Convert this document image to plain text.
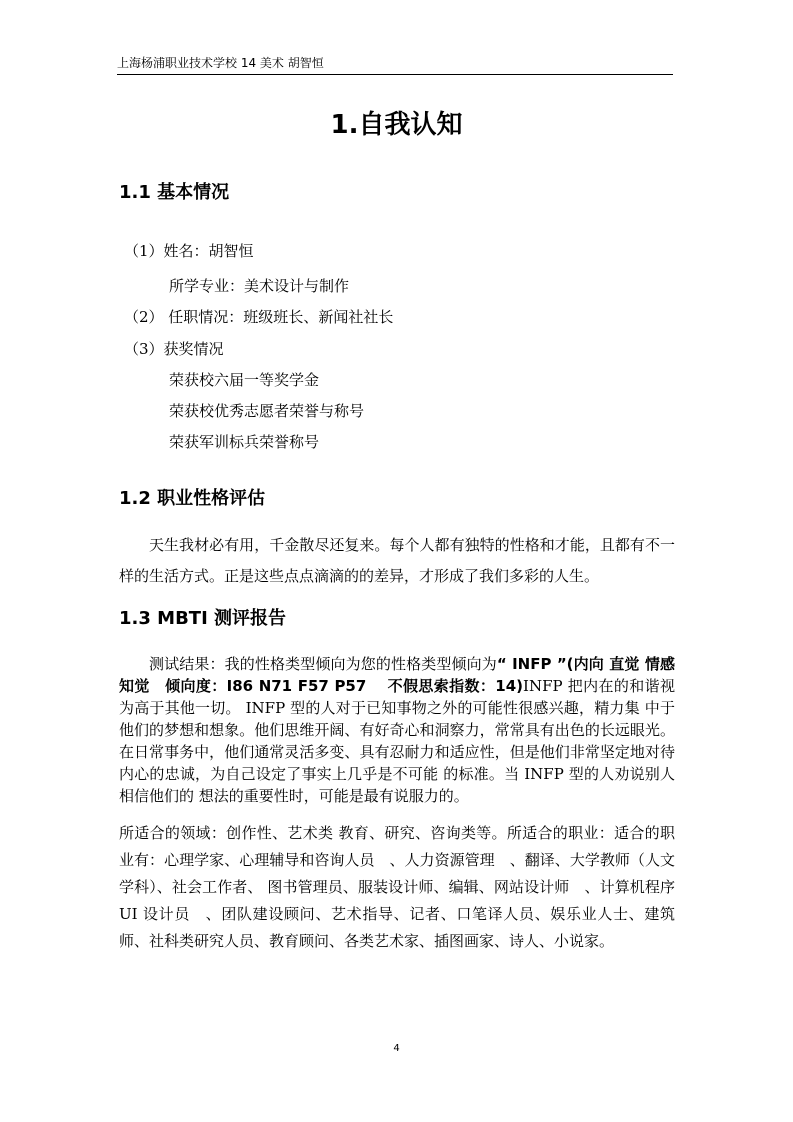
上海杨浦职业技术学校 14 美术 胡智恒
1.自我认知
1.1 基本情况
（1）姓名：胡智恒
所学专业：美术设计与制作
（2） 任职情况：班级班长、新闻社社长
（3）获奖情况
荣获校六届一等奖学金
荣获校优秀志愿者荣誉与称号
荣获军训标兵荣誉称号
1.2 职业性格评估
天生我材必有用，千金散尽还复来。每个人都有独特的性格和才能，且都有不一样的生活方式。正是这些点点滴滴的的差异，才形成了我们多彩的人生。
1.3 MBTI 测评报告
测试结果：我的性格类型倾向为您的性格类型倾向为“ INFP ”(内向 直觉 情感 知觉　倾向度：I86 N71 F57 P57　 不假思索指数：14)INFP 把内在的和谐视为高于其他一切。 INFP 型的人对于已知事物之外的可能性很感兴趣，精力集 中于他们的梦想和想象。他们思维开阔、有好奇心和洞察力，常常具有出色的长远眼光。在日常事务中，他们通常灵活多变、具有忍耐力和适应性，但是他们非常坚定地对待内心的忠诚，为自己设定了事实上几乎是不可能 的标准。当 INFP 型的人劝说别人相信他们的 想法的重要性时，可能是最有说服力的。
所适合的领域：创作性、艺术类 教育、研究、咨询类等。所适合的职业：适合的职业有：心理学家、心理辅导和咨询人员　、人力资源管理　、翻译、大学教师（人文学科）、社会工作者、 图书管理员、服装设计师、编辑、网站设计师　、计算机程序 UI 设计员　、团队建设顾问、艺术指导、记者、口笔译人员、娱乐业人士、建筑师、社科类研究人员、教育顾问、各类艺术家、插图画家、诗人、小说家。
4
